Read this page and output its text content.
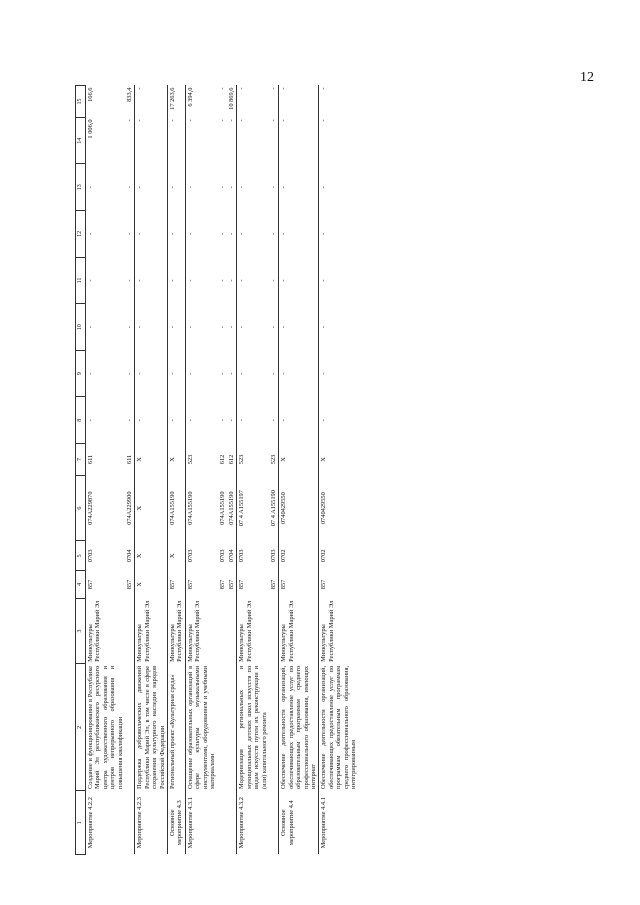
12
1	2	3	4	5	6	7	8	9	10	11	12	13	14	15
Мероприятие 4.2.2	Создание и функционирование в Республике Марий Эл республиканского ресурсного центра художественного образования и центров непрерывного образования и повышения квалификации	Минкультуры Республики Марий Эл	857	0703	074A229870	611	-	-	-	-	-	-	1 006,0	166,6
			857	0704	074A229900	611	-	-	-	-	-	-	-	833,4
Мероприятие 4.2.3	Поддержка добровольческих движений Республики Марий Эл, в том числе в сфере сохранения культурного наследия народов Российской Федерации	Минкультуры Республики Марий Эл	Х	Х	Х	Х	-	-	-	-	-	-	-	-
Основное мероприятие 4.3	Региональный проект «Культурная среда»	Минкультуры Республики Марий Эл	857	Х	074A155190	Х	-	-	-	-	-	-	-	17 263,6
Мероприятие 4.3.1	Оснащение образовательных организаций в сфере культуры музыкальными инструментами, оборудованием и учебными материалами	Минкультуры Республики Марий Эл	857	0703	074A155190	523	-	-	-	-	-	-	-	6 394,0
			857	0703	074A155190	612	-	-	-	-	-	-	-	-
			857	0704	074A155190	612	-	-	-	-	-	-	-	10 869,6
Мероприятие 4.3.2	Модернизация региональных и муниципальных детских школ искусств по видам искусств путем их реконструкции и (или) капитального ремонта	Минкультуры Республики Марий Эл	857	0703	07 4 A155197	523	-	-	-	-	-	-	-	-
			857	0703	07 4 A155190	523	-	-	-	-	-	-	-	-
Основное мероприятие 4.4	Обеспечение деятельности организаций, обеспечивающих предоставление услуг по образовательным программам среднего профессионального образования, имеющих интернат	Минкультуры Республики Марий Эл	857	0702	0740429550	Х	-	-	-	-	-	-	-	-
Мероприятие 4.4.1	Обеспечение деятельности организаций, обеспечивающих предоставление услуг по программам обязательным программам среднего профессионального образования, интегрированным	Минкультуры Республики Марий Эл	857	0702	0740429550	Х	-	-	-	-	-	-	-	-
